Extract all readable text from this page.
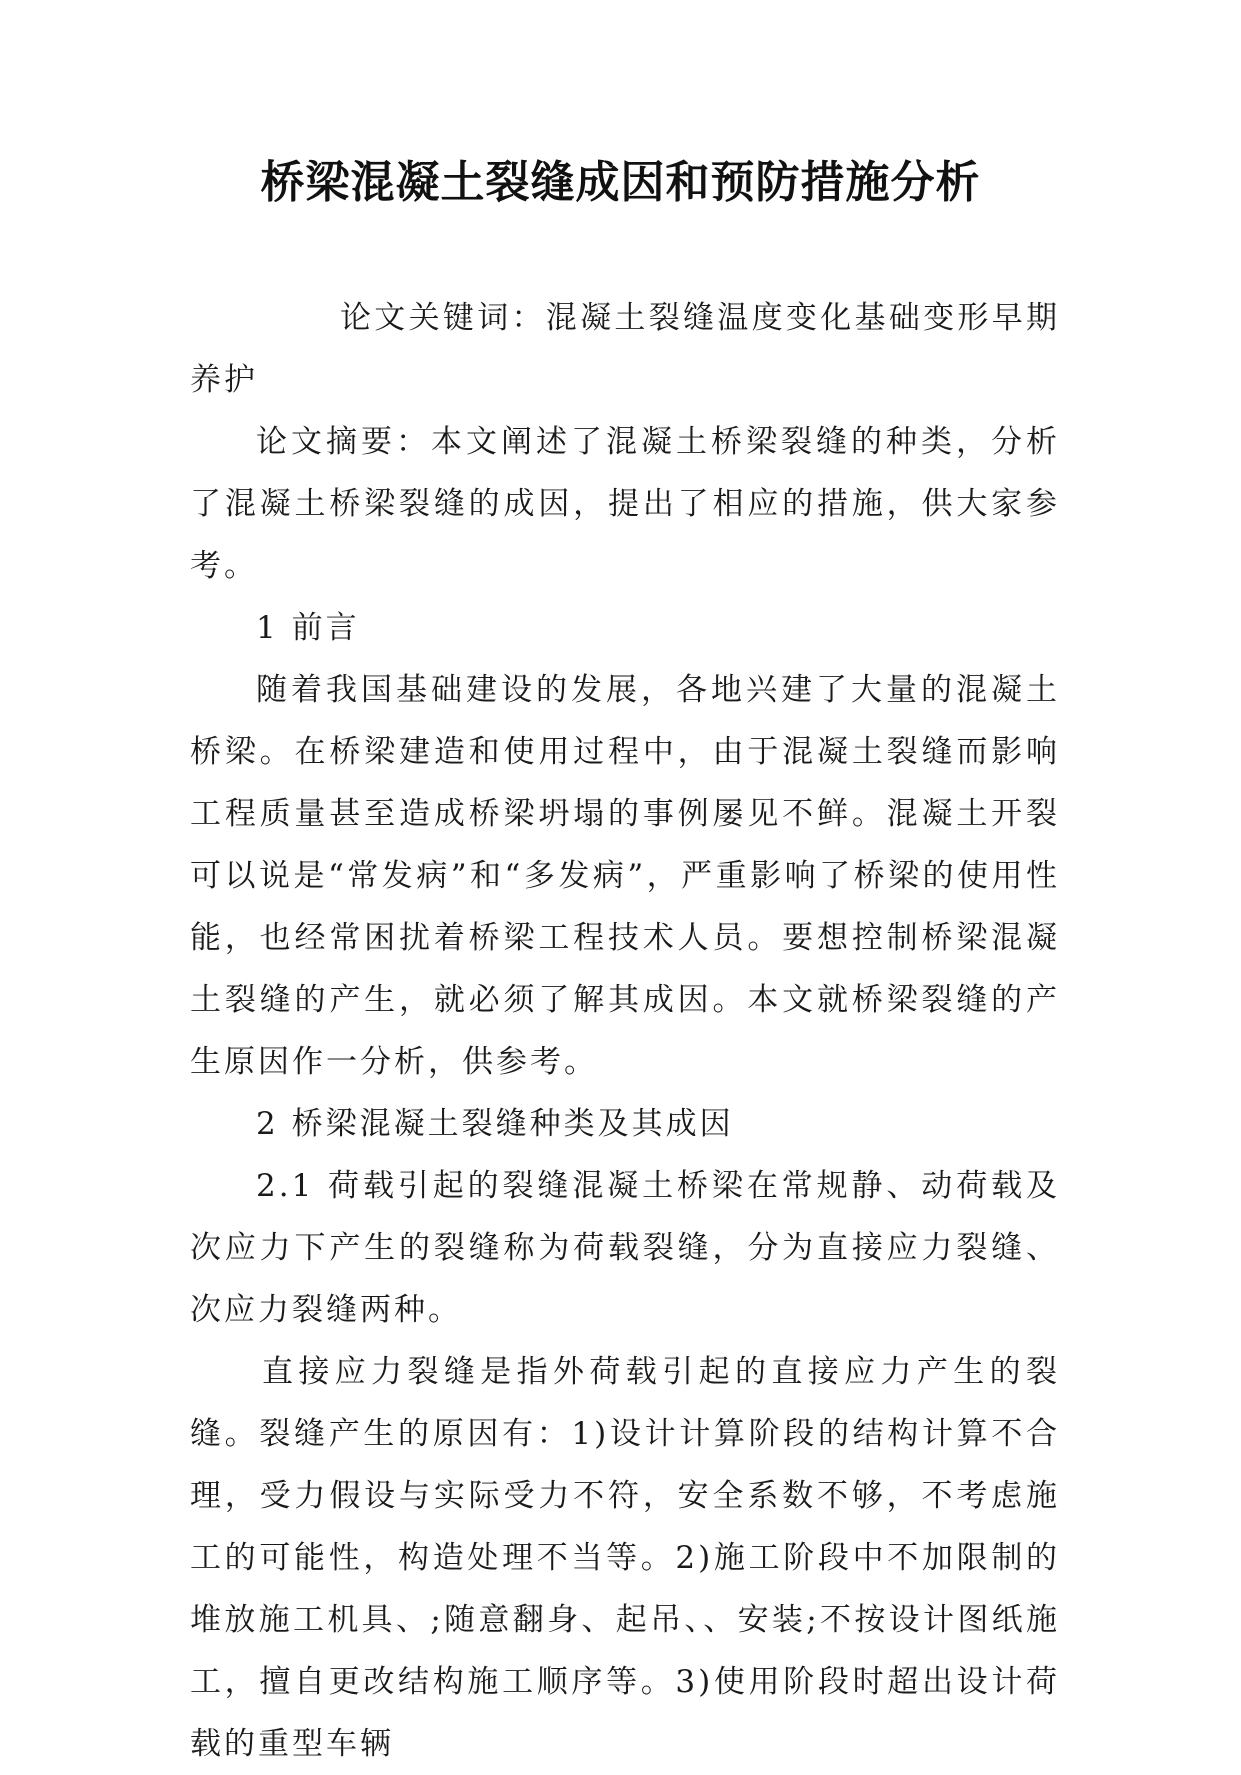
桥梁混凝土裂缝成因和预防措施分析

论文关键词：混凝土裂缝温度变化基础变形早期养护

论文摘要：本文阐述了混凝土桥梁裂缝的种类，分析了混凝土桥梁裂缝的成因，提出了相应的措施，供大家参考。

1 前言

随着我国基础建设的发展，各地兴建了大量的混凝土桥梁。在桥梁建造和使用过程中，由于混凝土裂缝而影响工程质量甚至造成桥梁坍塌的事例屡见不鲜。混凝土开裂可以说是“常发病”和“多发病”，严重影响了桥梁的使用性能，也经常困扰着桥梁工程技术人员。要想控制桥梁混凝土裂缝的产生，就必须了解其成因。本文就桥梁裂缝的产生原因作一分析，供参考。

2 桥梁混凝土裂缝种类及其成因

2.1 荷载引起的裂缝混凝土桥梁在常规静、动荷载及次应力下产生的裂缝称为荷载裂缝，分为直接应力裂缝、次应力裂缝两种。

直接应力裂缝是指外荷载引起的直接应力产生的裂缝。裂缝产生的原因有：1)设计计算阶段的结构计算不合理，受力假设与实际受力不符，安全系数不够，不考虑施工的可能性，构造处理不当等。2)施工阶段中不加限制的堆放施工机具、;随意翻身、起吊、、安装;不按设计图纸施工，擅自更改结构施工顺序等。3)使用阶段时超出设计荷载的重型车辆
